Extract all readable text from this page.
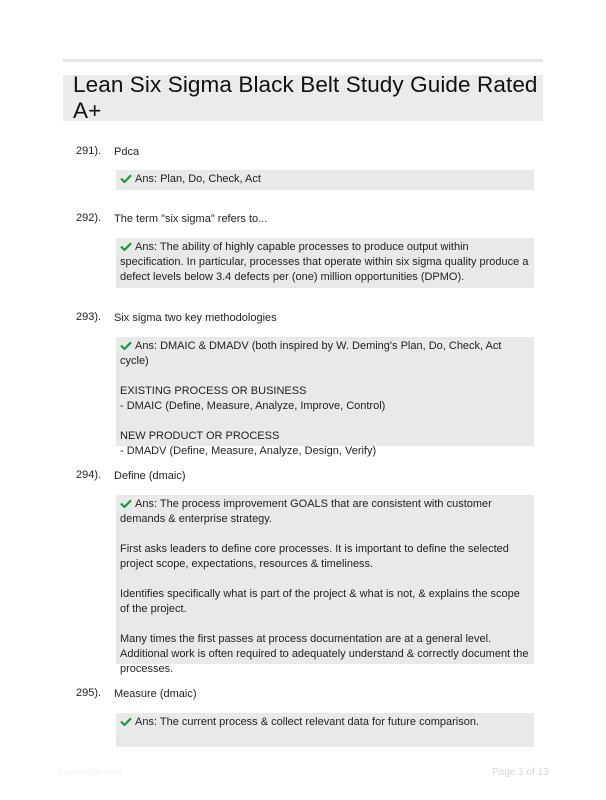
Lean Six Sigma Black Belt Study Guide Rated A+
291). Pdca

Ans: Plan, Do, Check, Act

292). The term "six sigma" refers to...

Ans: The ability of highly capable processes to produce output within specification. In particular, processes that operate within six sigma quality produce a defect levels below 3.4 defects per (one) million opportunities (DPMO).

293). Six sigma two key methodologies

Ans: DMAIC & DMADV (both inspired by W. Deming's Plan, Do, Check, Act cycle)

EXISTING PROCESS OR BUSINESS
- DMAIC (Define, Measure, Analyze, Improve, Control)

NEW PRODUCT OR PROCESS
- DMADV (Define, Measure, Analyze, Design, Verify)

294). Define (dmaic)

Ans: The process improvement GOALS that are consistent with customer demands & enterprise strategy.

First asks leaders to define core processes. It is important to define the selected project scope, expectations, resources & timeliness.

Identifies specifically what is part of the project & what is not, & explains the scope of the project.

Many times the first passes at process documentation are at a general level. Additional work is often required to adequately understand & correctly document the processes.

295). Measure (dmaic)

Ans: The current process & collect relevant data for future comparison.

PaperWibe.com	Page 1 of 13
